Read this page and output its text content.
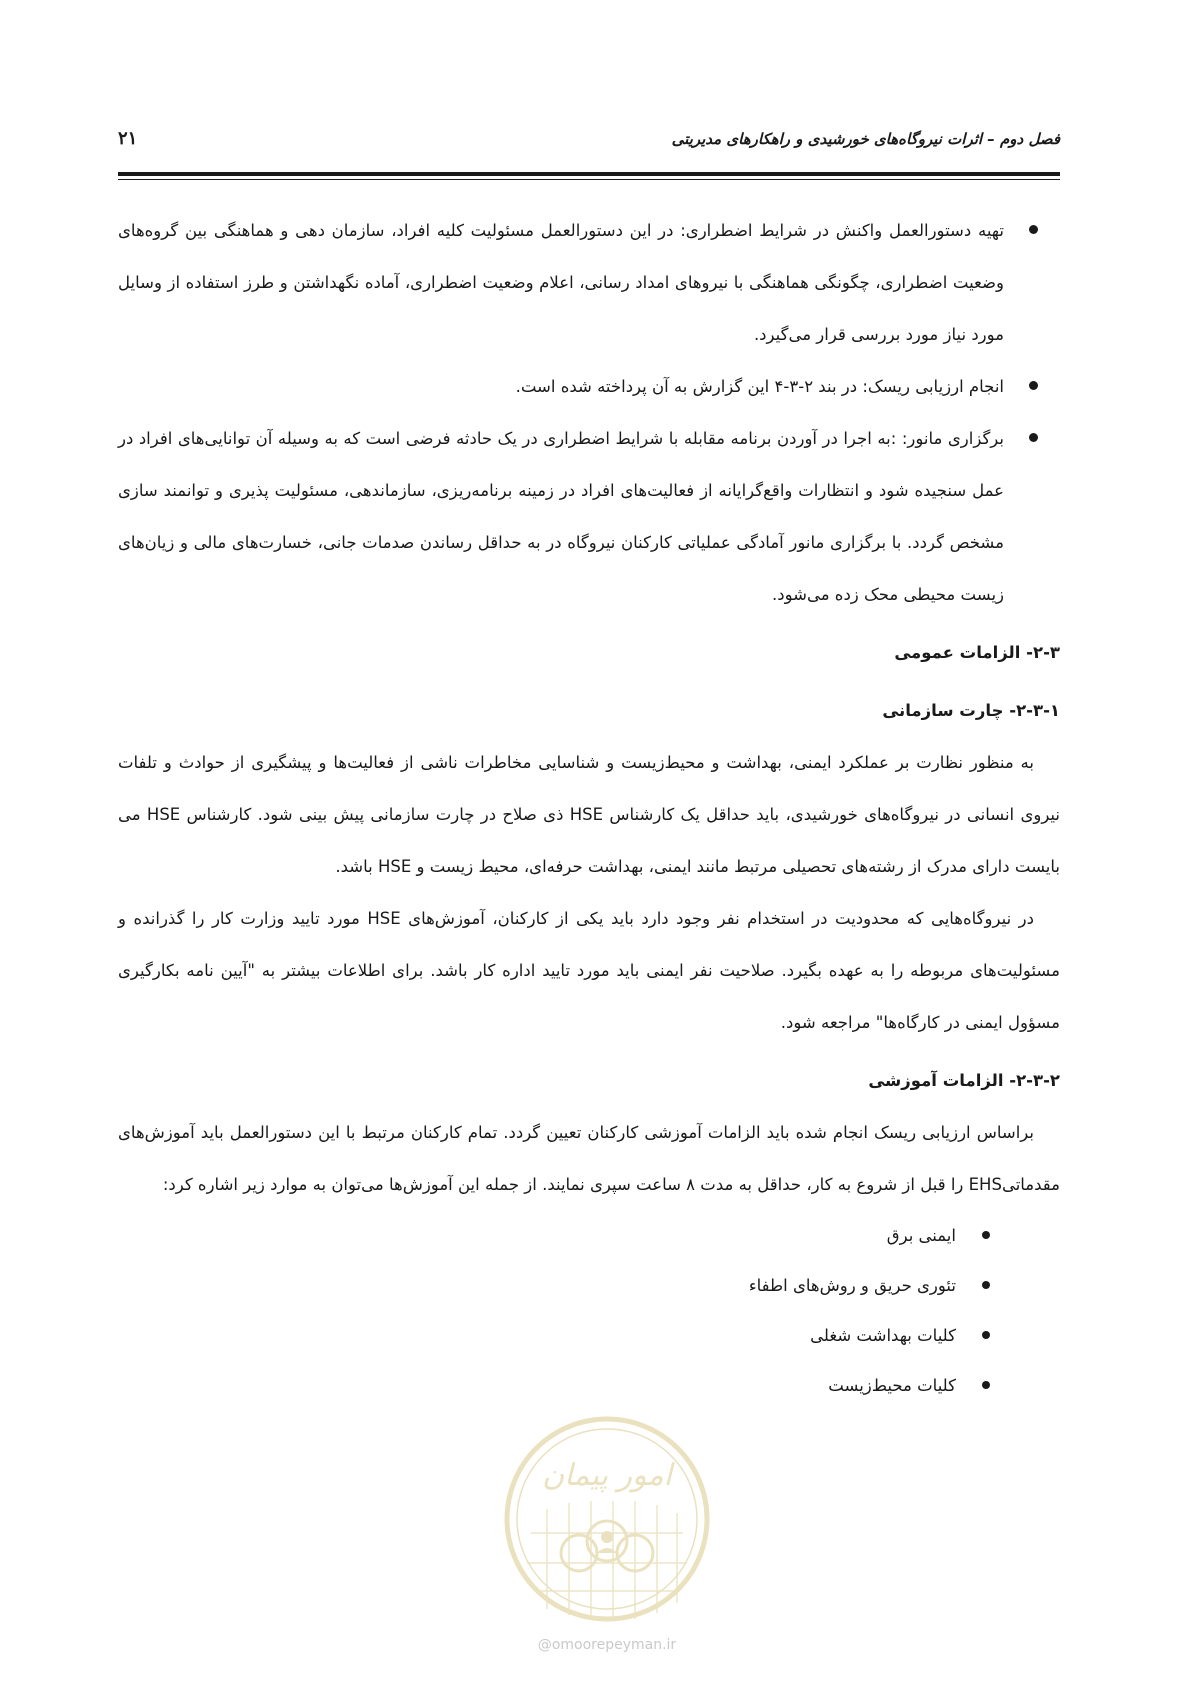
فصل دوم – اثرات نیروگاه‌های خورشیدی و راهکارهای مدیریتی
۲۱
تهیه دستورالعمل واکنش در شرایط اضطراری: در این دستورالعمل مسئولیت کلیه افراد، سازمان دهی و هماهنگی بین گروه‌های وضعیت اضطراری، چگونگی هماهنگی با نیروهای امداد رسانی، اعلام وضعیت اضطراری، آماده نگهداشتن و طرز استفاده از وسایل مورد نیاز مورد بررسی قرار می‌گیرد.
انجام ارزیابی ریسک: در بند ۲-۳-۴ این گزارش به آن پرداخته شده است.
برگزاری مانور: :به اجرا در آوردن برنامه مقابله با شرایط اضطراری در یک حادثه فرضی است که به وسیله آن توانایی‌های افراد در عمل سنجیده شود و انتظارات واقع‌گرایانه از فعالیت‌های افراد در زمینه برنامه‌ریزی، سازماندهی، مسئولیت پذیری و توانمند سازی مشخص گردد. با برگزاری مانور آمادگی عملیاتی کارکنان نیروگاه در به حداقل رساندن صدمات جانی، خسارت‌های مالی و زیان‌های زیست محیطی محک زده می‌شود.
۲-۳- الزامات عمومی
۲-۳-۱- چارت سازمانی

به منظور نظارت بر عملکرد ایمنی، بهداشت و محیط‌زیست و شناسایی مخاطرات ناشی از فعالیت‌ها و پیشگیری از حوادث و تلفات نیروی انسانی در نیروگاه‌های خورشیدی، باید حداقل یک کارشناس HSE ذی صلاح در چارت سازمانی پیش بینی شود. کارشناس HSE می بایست دارای مدرک از رشته‌های تحصیلی مرتبط مانند ایمنی، بهداشت حرفه‌ای، محیط زیست و HSE باشد.

در نیروگاه‌هایی که محدودیت در استخدام نفر وجود دارد باید یکی از کارکنان، آموزش‌های HSE مورد تایید وزارت کار را گذرانده و مسئولیت‌های مربوطه را به عهده بگیرد. صلاحیت نفر ایمنی باید مورد تایید اداره کار باشد. برای اطلاعات بیشتر به "آیین نامه بکارگیری مسؤول ایمنی در کارگاه‌ها" مراجعه شود.

۲-۳-۲- الزامات آموزشی

براساس ارزیابی ریسک انجام شده باید الزامات آموزشی کارکنان تعیین گردد. تمام کارکنان مرتبط با این دستورالعمل باید آموزش‌های مقدماتیEHS را قبل از شروع به کار، حداقل به مدت ۸ ساعت سپری نمایند. از جمله این آموزش‌ها می‌توان به موارد زیر اشاره کرد:

ایمنی برق
تئوری حریق و روش‌های اطفاء
کلیات بهداشت شغلی
کلیات محیط‌زیست
امور پیمان
@omoorepeyman.ir
